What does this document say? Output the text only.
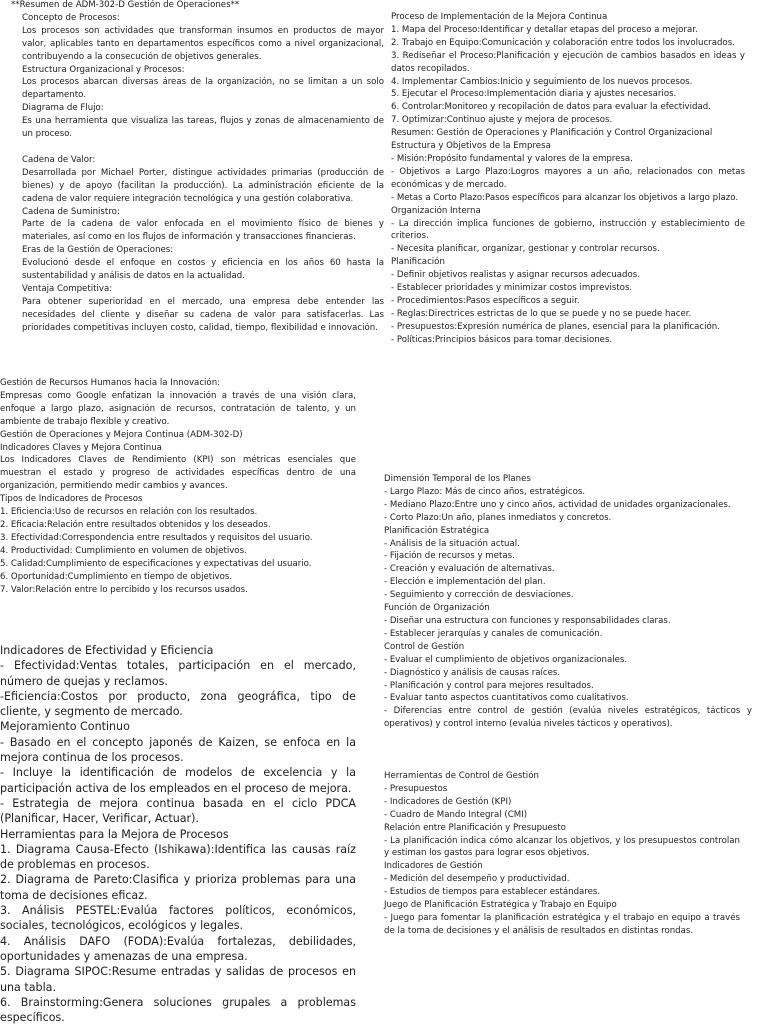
**Resumen de ADM-302-D Gestión de Operaciones**

Concepto de Procesos:

Los procesos son actividades que transforman insumos en productos de mayor valor, aplicables tanto en departamentos específicos como a nivel organizacional, contribuyendo a la consecución de objetivos generales.

Estructura Organizacional y Procesos:

Los procesos abarcan diversas áreas de la organización, no se limitan a un solo departamento.

Diagrama de Flujo:

Es una herramienta que visualiza las tareas, flujos y zonas de almacenamiento de un proceso.

Cadena de Valor:

Desarrollada por Michael Porter, distingue actividades primarias (producción de bienes) y de apoyo (facilitan la producción). La administración eficiente de la cadena de valor requiere integración tecnológica y una gestión colaborativa.

Cadena de Suministro:

Parte de la cadena de valor enfocada en el movimiento físico de bienes y materiales, así como en los flujos de información y transacciones financieras.

Eras de la Gestión de Operaciones:

Evolucionó desde el enfoque en costos y eficiencia en los años 60 hasta la sustentabilidad y análisis de datos en la actualidad.

Ventaja Competitiva:

Para obtener superioridad en el mercado, una empresa debe entender las necesidades del cliente y diseñar su cadena de valor para satisfacerlas. Las prioridades competitivas incluyen costo, calidad, tiempo, flexibilidad e innovación.

Gestión de Recursos Humanos hacia la Innovación:

Empresas como Google enfatizan la innovación a través de una visión clara, enfoque a largo plazo, asignación de recursos, contratación de talento, y un ambiente de trabajo flexible y creativo.

Gestión de Operaciones y Mejora Continua (ADM-302-D)

Indicadores Claves y Mejora Continua

Los Indicadores Claves de Rendimiento (KPI) son métricas esenciales que muestran el estado y progreso de actividades específicas dentro de una organización, permitiendo medir cambios y avances.

Tipos de Indicadores de Procesos

1. Eficiencia:Uso de recursos en relación con los resultados.

2. Eficacia:Relación entre resultados obtenidos y los deseados.

3. Efectividad:Correspondencia entre resultados y requisitos del usuario.

4. Productividad: Cumplimiento en volumen de objetivos.

5. Calidad:Cumplimiento de especificaciones y expectativas del usuario.

6. Oportunidad:Cumplimiento en tiempo de objetivos.

7. Valor:Relación entre lo percibido y los recursos usados.

Indicadores de Efectividad y Eficiencia

- Efectividad:Ventas totales, participación en el mercado, número de quejas y reclamos.

-Eficiencia:Costos por producto, zona geográfica, tipo de cliente, y segmento de mercado.

Mejoramiento Continuo

- Basado en el concepto japonés de Kaizen, se enfoca en la mejora continua de los procesos.

- Incluye la identificación de modelos de excelencia y la participación activa de los empleados en el proceso de mejora.

- Estrategia de mejora continua basada en el ciclo PDCA (Planificar, Hacer, Verificar, Actuar).

Herramientas para la Mejora de Procesos

1. Diagrama Causa-Efecto (Ishikawa):Identifica las causas raíz de problemas en procesos.

2. Diagrama de Pareto:Clasifica y prioriza problemas para una toma de decisiones eficaz.

3. Análisis PESTEL:Evalúa factores políticos, económicos, sociales, tecnológicos, ecológicos y legales.

4. Análisis DAFO (FODA):Evalúa fortalezas, debilidades, oportunidades y amenazas de una empresa.

5. Diagrama SIPOC:Resume entradas y salidas de procesos en una tabla.

6. Brainstorming:Genera soluciones grupales a problemas específicos.

Proceso de Implementación de la Mejora Continua

1. Mapa del Proceso:Identificar y detallar etapas del proceso a mejorar.

2. Trabajo en Equipo:Comunicación y colaboración entre todos los involucrados.

3. Rediseñar el Proceso:Planificación y ejecución de cambios basados en ideas y datos recopilados.

4. Implementar Cambios:Inicio y seguimiento de los nuevos procesos.

5. Ejecutar el Proceso:Implementación diaria y ajustes necesarios.

6. Controlar:Monitoreo y recopilación de datos para evaluar la efectividad.

7. Optimizar:Continuo ajuste y mejora de procesos.

Resumen: Gestión de Operaciones y Planificación y Control Organizacional

Estructura y Objetivos de la Empresa

- Misión:Propósito fundamental y valores de la empresa.

- Objetivos a Largo Plazo:Logros mayores a un año, relacionados con metas económicas y de mercado.

- Metas a Corto Plazo:Pasos específicos para alcanzar los objetivos a largo plazo.

Organización Interna

- La dirección implica funciones de gobierno, instrucción y establecimiento de criterios.

- Necesita planificar, organizar, gestionar y controlar recursos.

Planificación

- Definir objetivos realistas y asignar recursos adecuados.

- Establecer prioridades y minimizar costos imprevistos.

- Procedimientos:Pasos específicos a seguir.

- Reglas:Directrices estrictas de lo que se puede y no se puede hacer.

- Presupuestos:Expresión numérica de planes, esencial para la planificación.

- Políticas:Principios básicos para tomar decisiones.

Dimensión Temporal de los Planes

- Largo Plazo: Más de cinco años, estratégicos.

- Mediano Plazo:Entre uno y cinco años, actividad de unidades organizacionales.

- Corto Plazo:Un año, planes inmediatos y concretos.

Planificación Estratégica

- Análisis de la situación actual.

- Fijación de recursos y metas.

- Creación y evaluación de alternativas.

- Elección e implementación del plan.

- Seguimiento y corrección de desviaciones.

Función de Organización

- Diseñar una estructura con funciones y responsabilidades claras.

- Establecer jerarquías y canales de comunicación.

Control de Gestión

- Evaluar el cumplimiento de objetivos organizacionales.

- Diagnóstico y análisis de causas raíces.

- Planificación y control para mejores resultados.

- Evaluar tanto aspectos cuantitativos como cualitativos.

- Diferencias entre control de gestión (evalúa niveles estratégicos, tácticos y operativos) y control interno (evalúa niveles tácticos y operativos).

Herramientas de Control de Gestión

- Presupuestos

- Indicadores de Gestión (KPI)

- Cuadro de Mando Integral (CMI)

Relación entre Planificación y Presupuesto

- La planificación indica cómo alcanzar los objetivos, y los presupuestos controlan y estiman los gastos para lograr esos objetivos.

Indicadores de Gestión

- Medición del desempeño y productividad.

- Estudios de tiempos para establecer estándares.

Juego de Planificación Estratégica y Trabajo en Equipo

- Juego para fomentar la planificación estratégica y el trabajo en equipo a través de la toma de decisiones y el análisis de resultados en distintas rondas.
